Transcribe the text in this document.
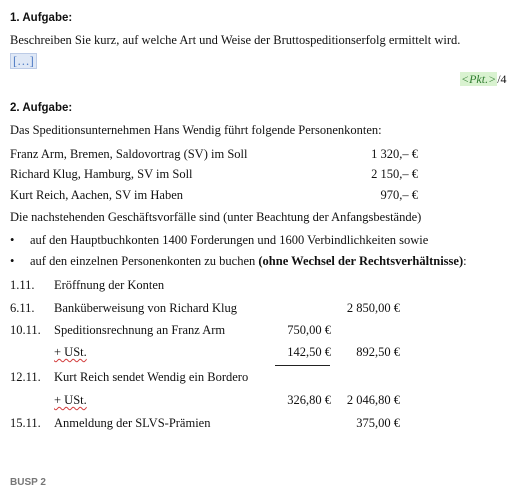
1. Aufgabe:
Beschreiben Sie kurz, auf welche Art und Weise der Bruttospeditionserfolg ermittelt wird.
[…]
<Pkt.>/4
2. Aufgabe:
Das Speditionsunternehmen Hans Wendig führt folgende Personenkonten:
Franz Arm, Bremen, Saldovortrag (SV) im Soll	1 320,– €
Richard Klug, Hamburg, SV im Soll	2 150,– €
Kurt Reich, Aachen, SV im Haben	970,– €
Die nachstehenden Geschäftsvorfälle sind (unter Beachtung der Anfangsbestände)
• auf den Hauptbuchkonten 1400 Forderungen und 1600 Verbindlichkeiten sowie
• auf den einzelnen Personenkonten zu buchen (ohne Wechsel der Rechtsverhältnisse):
1.11. Eröffnung der Konten
6.11. Banküberweisung von Richard Klug	2 850,00 €
10.11. Speditionsrechnung an Franz Arm	750,00 €
+ USt.	142,50 €	892,50 €
12.11. Kurt Reich sendet Wendig ein Bordero
+ USt.	326,80 €	2 046,80 €
15.11. Anmeldung der SLVS-Prämien	375,00 €
BUSP 2
